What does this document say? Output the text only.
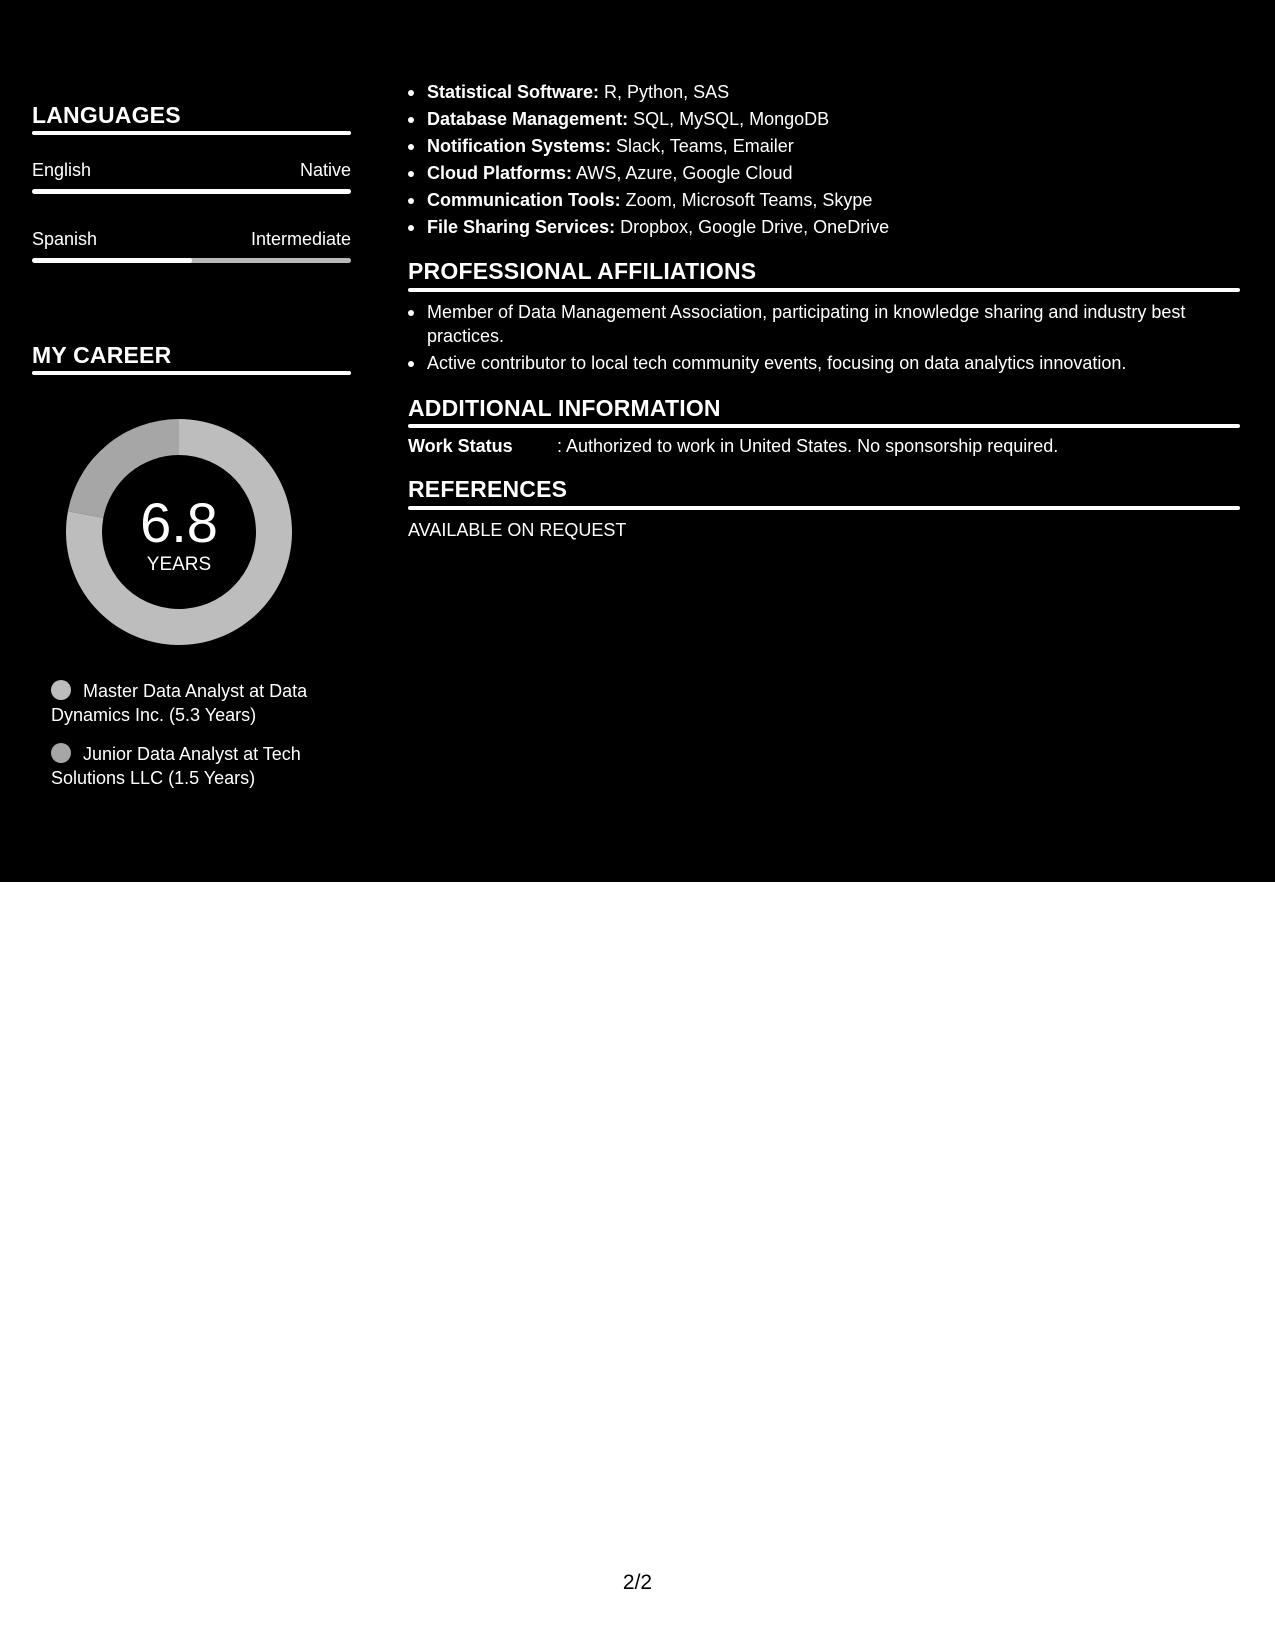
LANGUAGES
English	Native
Spanish	Intermediate
MY CAREER
6.8
YEARS
Master Data Analyst at Data Dynamics Inc. (5.3 Years)
Junior Data Analyst at Tech Solutions LLC (1.5 Years)
Statistical Software: R, Python, SAS
Database Management: SQL, MySQL, MongoDB
Notification Systems: Slack, Teams, Emailer
Cloud Platforms: AWS, Azure, Google Cloud
Communication Tools: Zoom, Microsoft Teams, Skype
File Sharing Services: Dropbox, Google Drive, OneDrive
PROFESSIONAL AFFILIATIONS
Member of Data Management Association, participating in knowledge sharing and industry best practices.
Active contributor to local tech community events, focusing on data analytics innovation.
ADDITIONAL INFORMATION
Work Status : Authorized to work in United States. No sponsorship required.
REFERENCES
AVAILABLE ON REQUEST
2/2
